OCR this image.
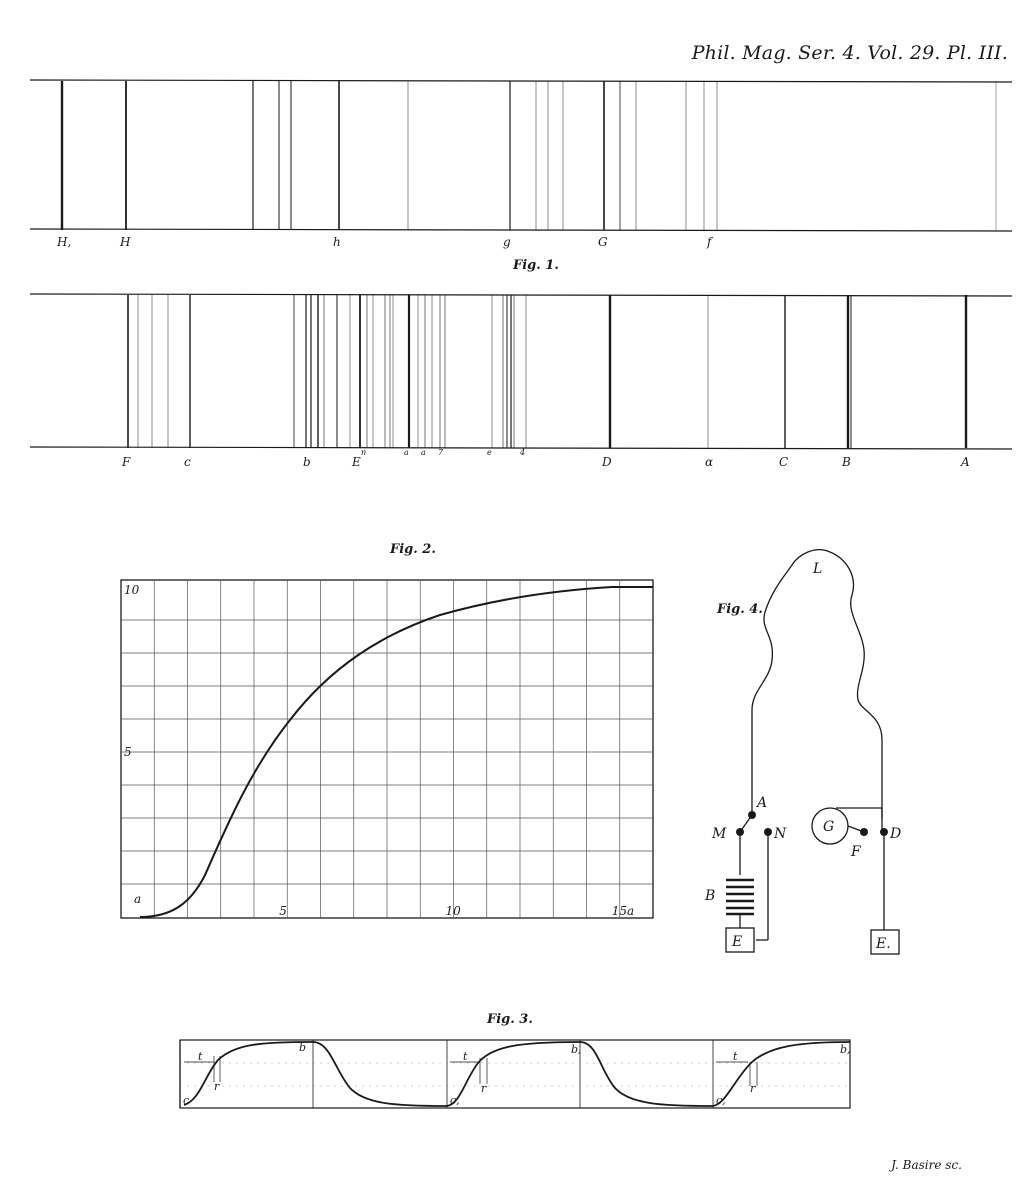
Phil. Mag. Ser. 4. Vol. 29. Pl. III.
Fig. 1.
Fig. 2.
Fig. 4.
Fig. 3.
H,	H	h	g	G	f
F	c	b	E	D	α	C	B	A
a a 7	e	4
n
10
5
5	10	15a
a
t
r
b
c
b,
c,
b,
c,
t
r
t
r
L
A
M	N
B
E
G
F
D
E.
J. Basire sc.
